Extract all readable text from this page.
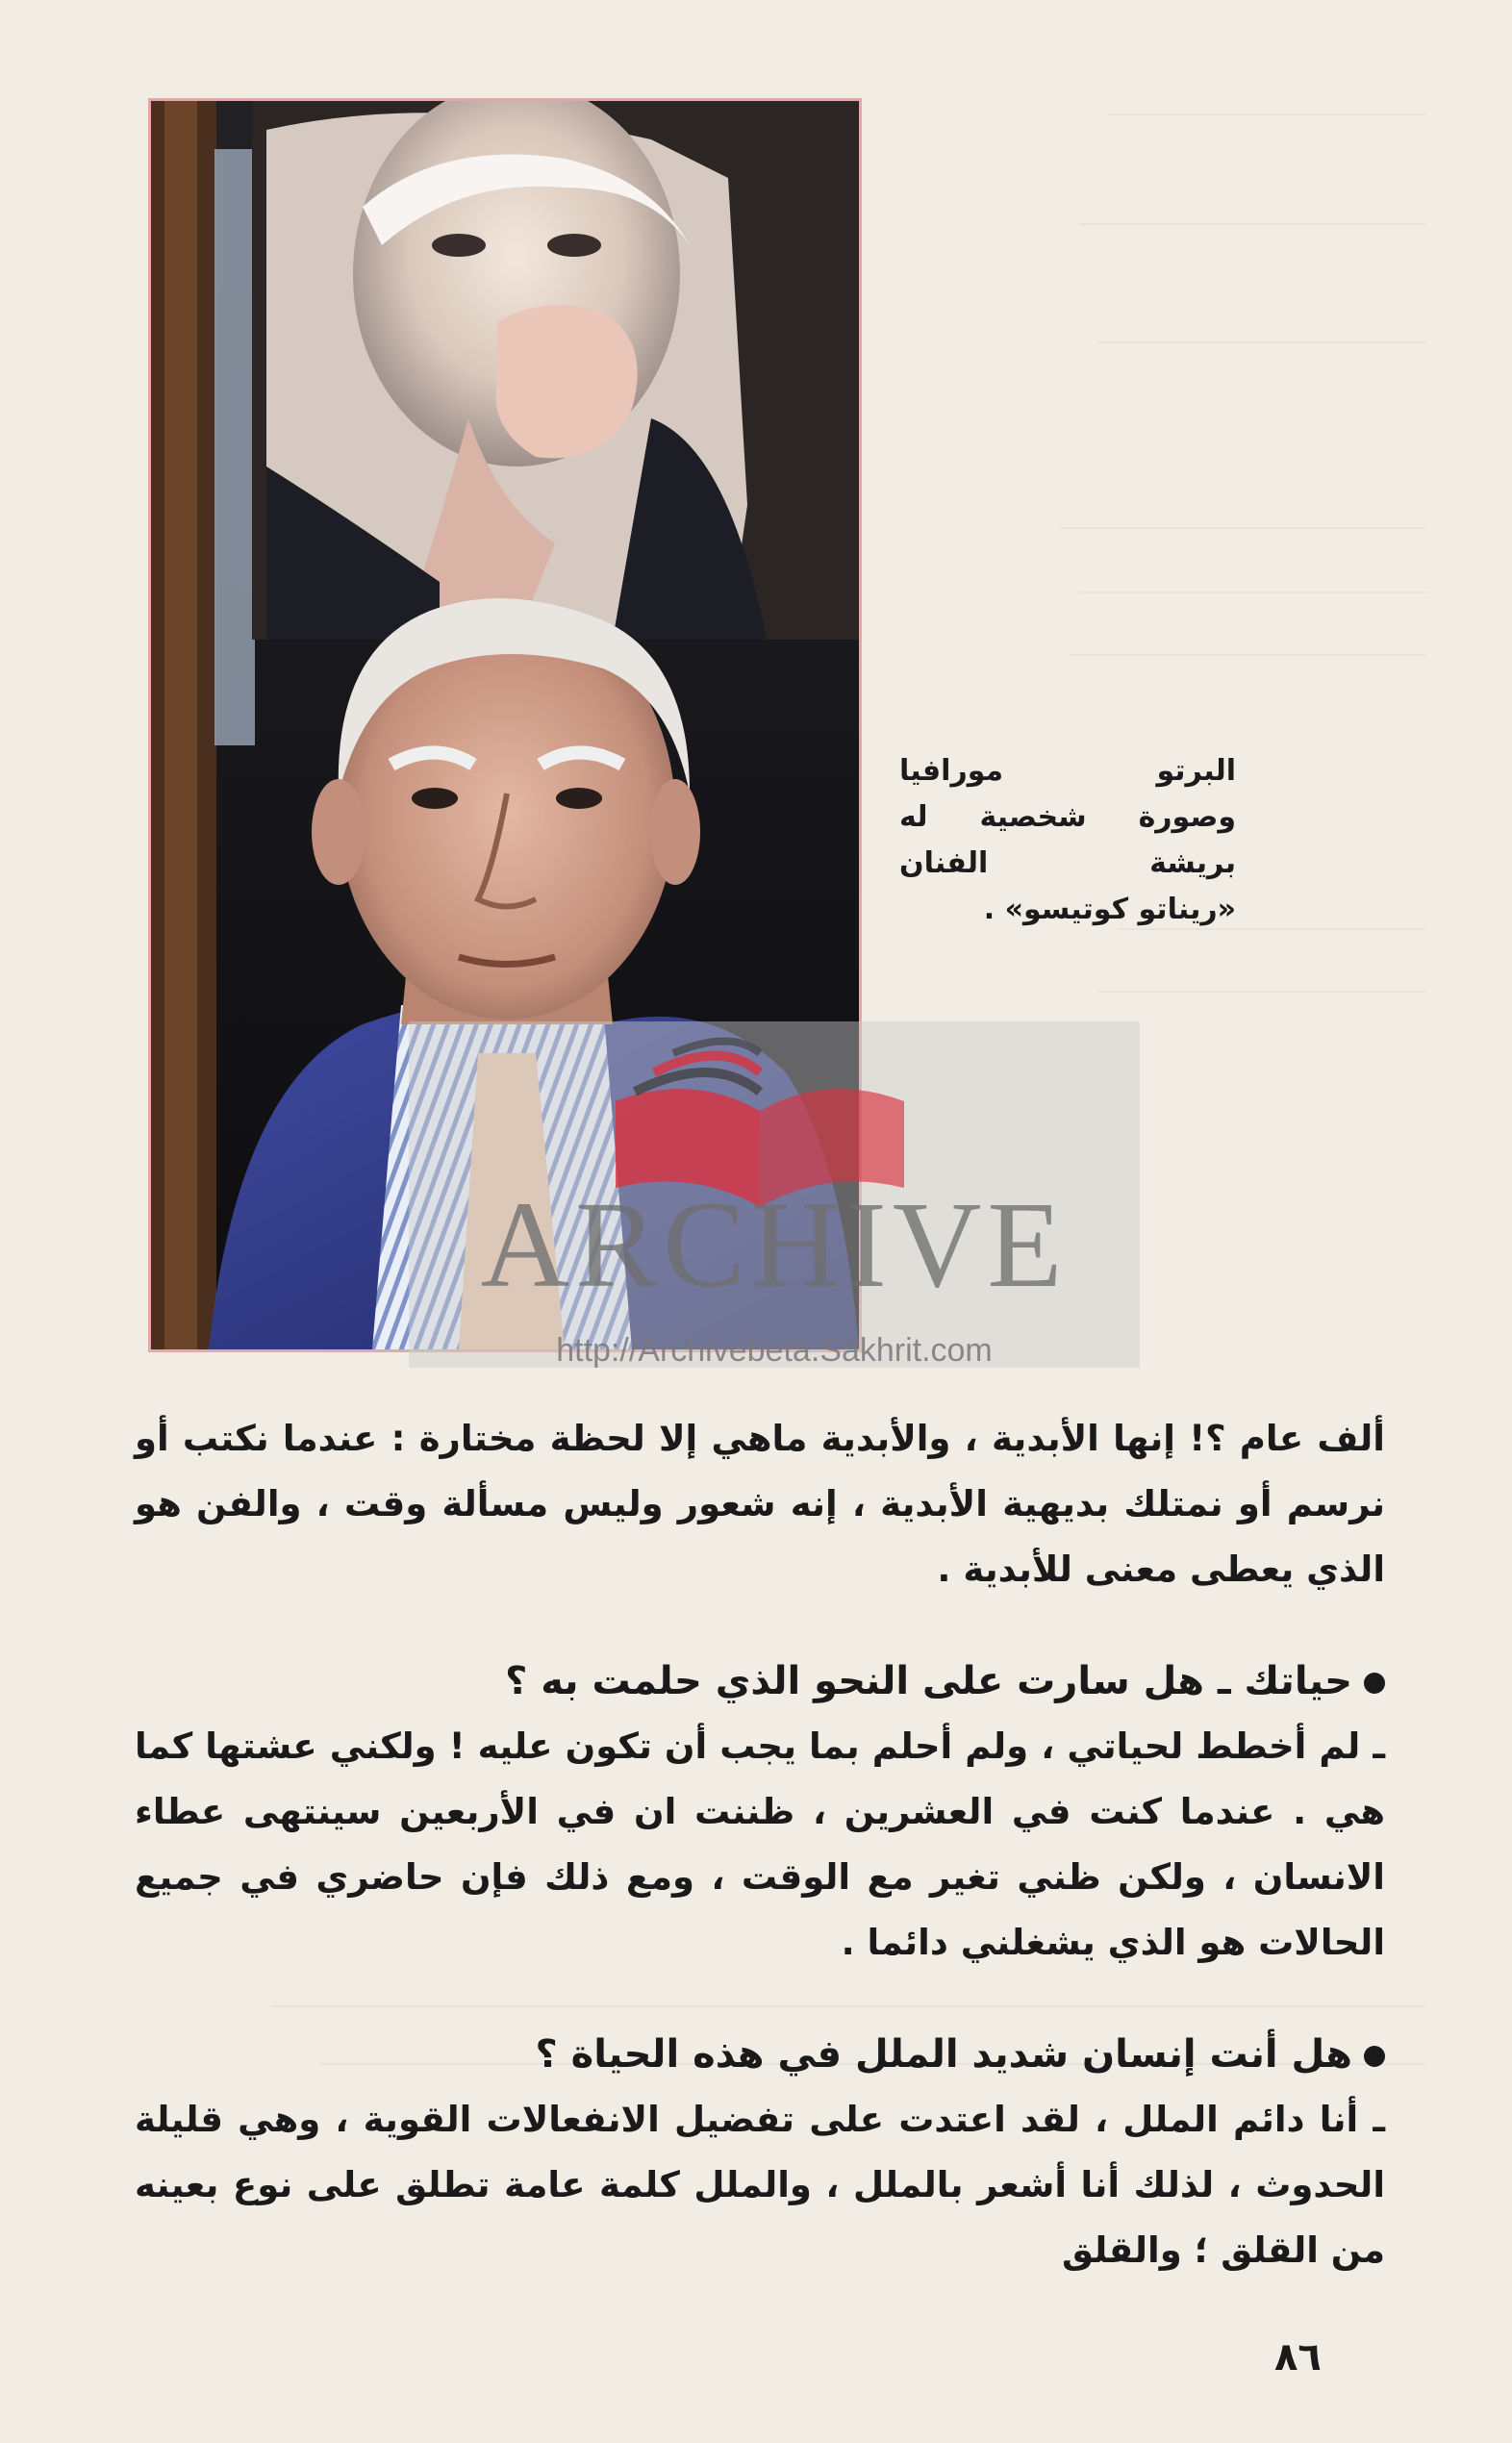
البرتو مورافيا
وصورة شخصية له
بريشة الفنان
«ريناتو كوتيسو» .

ARCHIVE
http://Archivebeta.Sakhrit.com

ألف عام ؟! إنها الأبدية ، والأبدية ماهي إلا لحظة مختارة : عندما نكتب أو نرسم أو نمتلك بديهية الأبدية ، إنه شعور وليس مسألة وقت ، والفن هو الذي يعطى معنى للأبدية .

حياتك ـ هل سارت على النحو الذي حلمت به ؟

ـ لم أخطط لحياتي ، ولم أحلم بما يجب أن تكون عليه ! ولكني عشتها كما هي . عندما كنت في العشرين ، ظننت ان في الأربعين سينتهى عطاء الانسان ، ولكن ظني تغير مع الوقت ، ومع ذلك فإن حاضري في جميع الحالات هو الذي يشغلني دائما .

هل أنت إنسان شديد الملل في هذه الحياة ؟

ـ أنا دائم الملل ، لقد اعتدت على تفضيل الانفعالات القوية ، وهي قليلة الحدوث ، لذلك أنا أشعر بالملل ، والملل كلمة عامة تطلق على نوع بعينه من القلق ؛ والقلق

٨٦
